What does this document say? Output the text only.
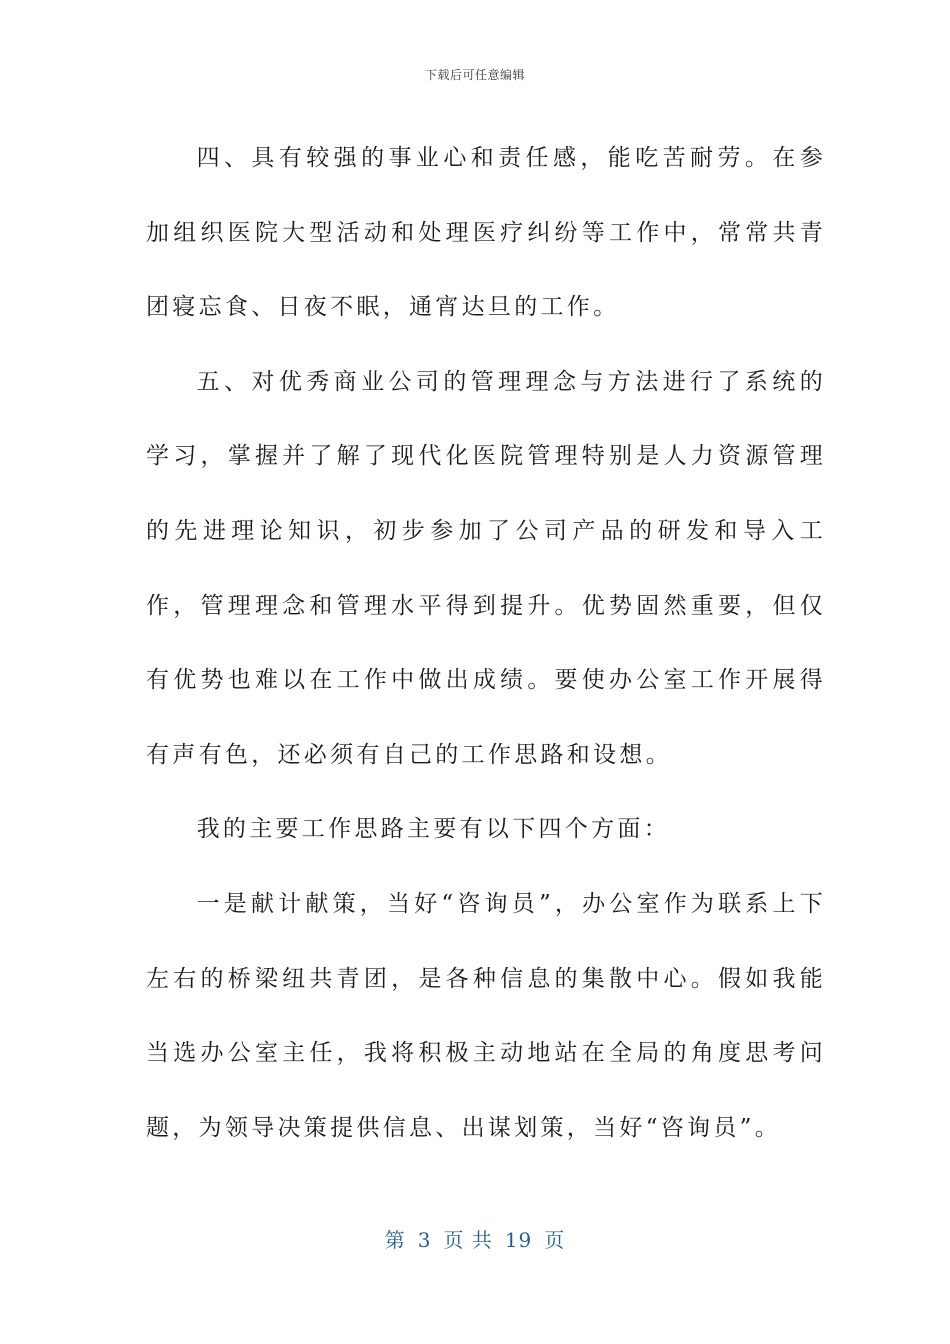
下载后可任意编辑

四、具有较强的事业心和责任感，能吃苦耐劳。在参加组织医院大型活动和处理医疗纠纷等工作中，常常共青团寝忘食、日夜不眠，通宵达旦的工作。

五、对优秀商业公司的管理理念与方法进行了系统的学习，掌握并了解了现代化医院管理特别是人力资源管理的先进理论知识，初步参加了公司产品的研发和导入工作，管理理念和管理水平得到提升。优势固然重要，但仅有优势也难以在工作中做出成绩。要使办公室工作开展得有声有色，还必须有自己的工作思路和设想。

我的主要工作思路主要有以下四个方面：

一是献计献策，当好“咨询员”，办公室作为联系上下左右的桥梁纽共青团，是各种信息的集散中心。假如我能当选办公室主任，我将积极主动地站在全局的角度思考问题，为领导决策提供信息、出谋划策，当好“咨询员”。

第 3 页 共 19 页
